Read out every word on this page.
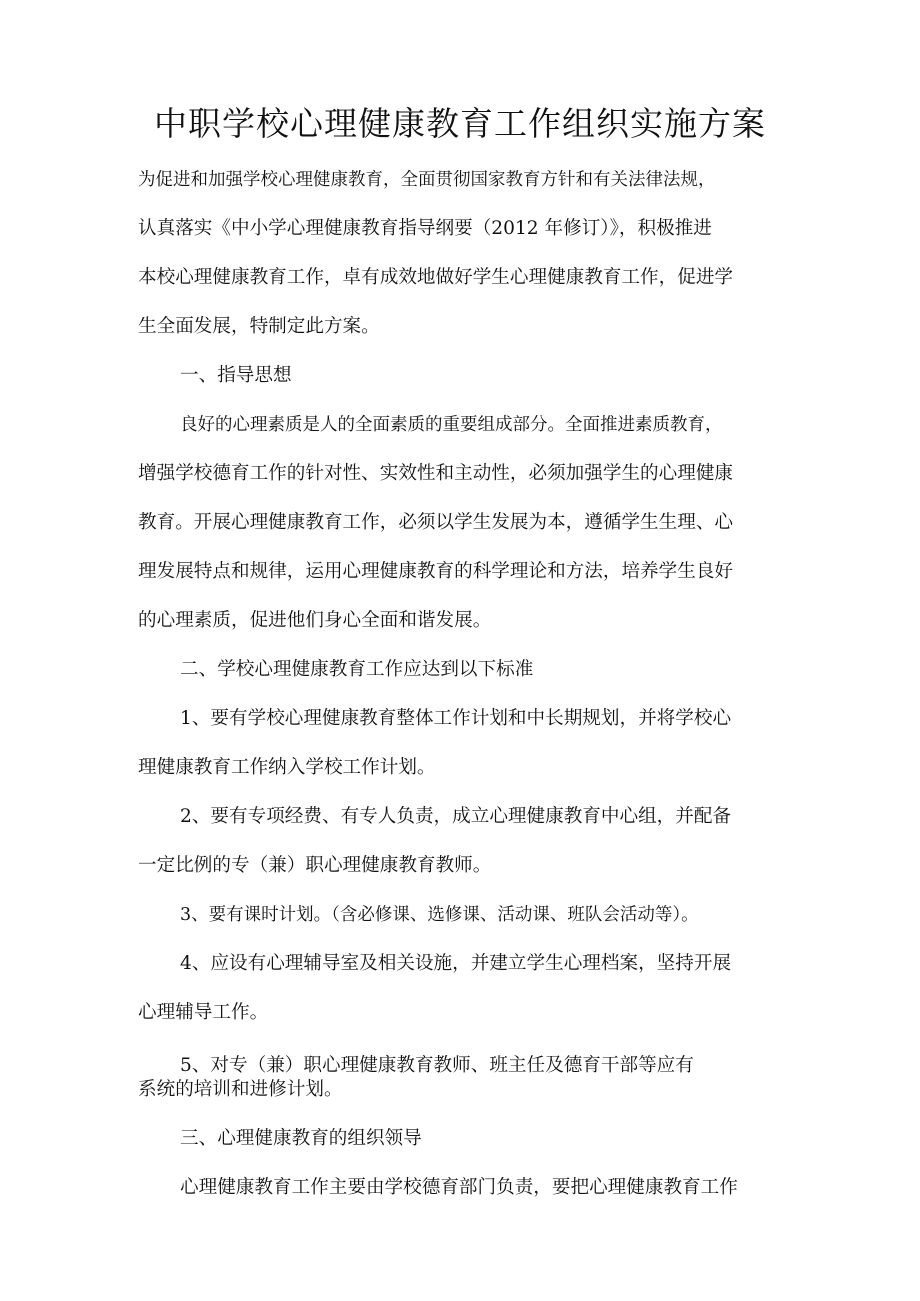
中职学校心理健康教育工作组织实施方案
为促进和加强学校心理健康教育，全面贯彻国家教育方针和有关法律法规，
认真落实《中小学心理健康教育指导纲要（2012 年修订）》，积极推进
本校心理健康教育工作，卓有成效地做好学生心理健康教育工作，促进学
生全面发展，特制定此方案。
一、指导思想
良好的心理素质是人的全面素质的重要组成部分。全面推进素质教育，
增强学校德育工作的针对性、实效性和主动性，必须加强学生的心理健康
教育。开展心理健康教育工作，必须以学生发展为本，遵循学生生理、心
理发展特点和规律，运用心理健康教育的科学理论和方法，培养学生良好
的心理素质，促进他们身心全面和谐发展。
二、学校心理健康教育工作应达到以下标准
1、要有学校心理健康教育整体工作计划和中长期规划，并将学校心
理健康教育工作纳入学校工作计划。
2、要有专项经费、有专人负责，成立心理健康教育中心组，并配备
一定比例的专（兼）职心理健康教育教师。
3、要有课时计划。（含必修课、选修课、活动课、班队会活动等）。
4、应设有心理辅导室及相关设施，并建立学生心理档案，坚持开展
心理辅导工作。
5、对专（兼）职心理健康教育教师、班主任及德育干部等应有
系统的培训和进修计划。
三、心理健康教育的组织领导
心理健康教育工作主要由学校德育部门负责，要把心理健康教育工作
